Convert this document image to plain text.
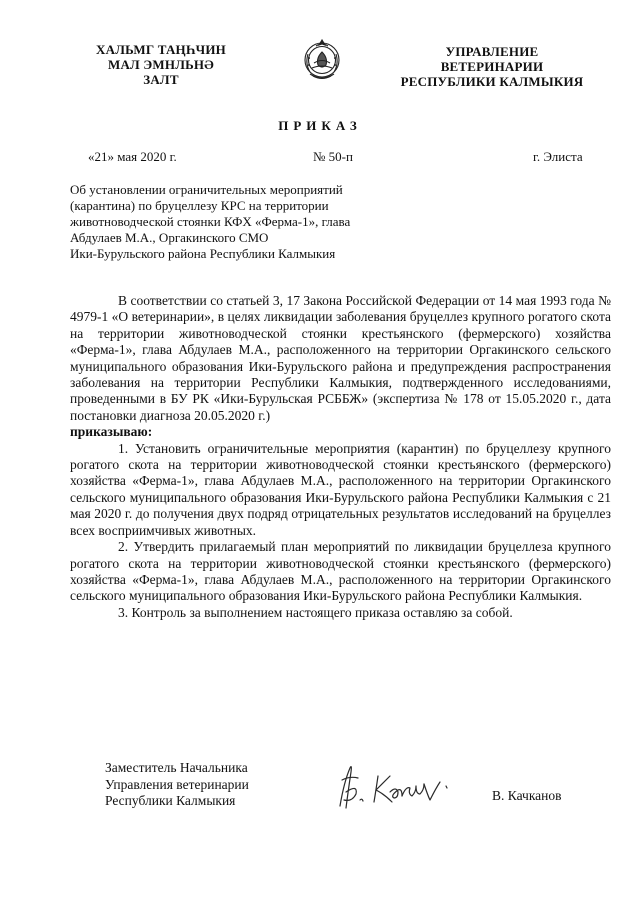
ХАЛЬМГ ТАҢҺЧИН
МАЛ ЭМНЛЬНӘ
ЗАЛТ
УПРАВЛЕНИЕ
ВЕТЕРИНАРИИ
РЕСПУБЛИКИ КАЛМЫКИЯ
ПРИКАЗ
«21» мая 2020 г.	№ 50-п	г. Элиста
Об установлении ограничительных мероприятий
(карантина) по бруцеллезу КРС на территории
животноводческой стоянки КФХ «Ферма-1», глава
Абдулаев М.А., Оргакинского СМО
Ики-Бурульского района Республики Калмыкия

В соответствии со статьей 3, 17 Закона Российской Федерации от 14 мая 1993 года № 4979-1 «О ветеринарии», в целях ликвидации заболевания бруцеллез крупного рогатого скота на территории животноводческой стоянки крестьянского (фермерского) хозяйства «Ферма-1», глава Абдулаев М.А., расположенного на территории Оргакинского сельского муниципального образования Ики-Бурульского района и предупреждения распространения заболевания на территории Республики Калмыкия, подтвержденного исследованиями, проведенными в БУ РК «Ики-Бурульская РСББЖ» (экспертиза № 178 от 15.05.2020 г., дата постановки диагноза 20.05.2020 г.)

приказываю:

1. Установить ограничительные мероприятия (карантин) по бруцеллезу крупного рогатого скота на территории животноводческой стоянки крестьянского (фермерского) хозяйства «Ферма-1», глава Абдулаев М.А., расположенного на территории Оргакинского сельского муниципального образования Ики-Бурульского района Республики Калмыкия с 21 мая 2020 г. до получения двух подряд отрицательных результатов исследований на бруцеллез всех восприимчивых животных.

2. Утвердить прилагаемый план мероприятий по ликвидации бруцеллеза крупного рогатого скота на территории животноводческой стоянки крестьянского (фермерского) хозяйства «Ферма-1», глава Абдулаев М.А., расположенного на территории Оргакинского сельского муниципального образования Ики-Бурульского района Республики Калмыкия.

3. Контроль за выполнением настоящего приказа оставляю за собой.

Заместитель Начальника
Управления ветеринарии
Республики Калмыкия	В. Качканов
